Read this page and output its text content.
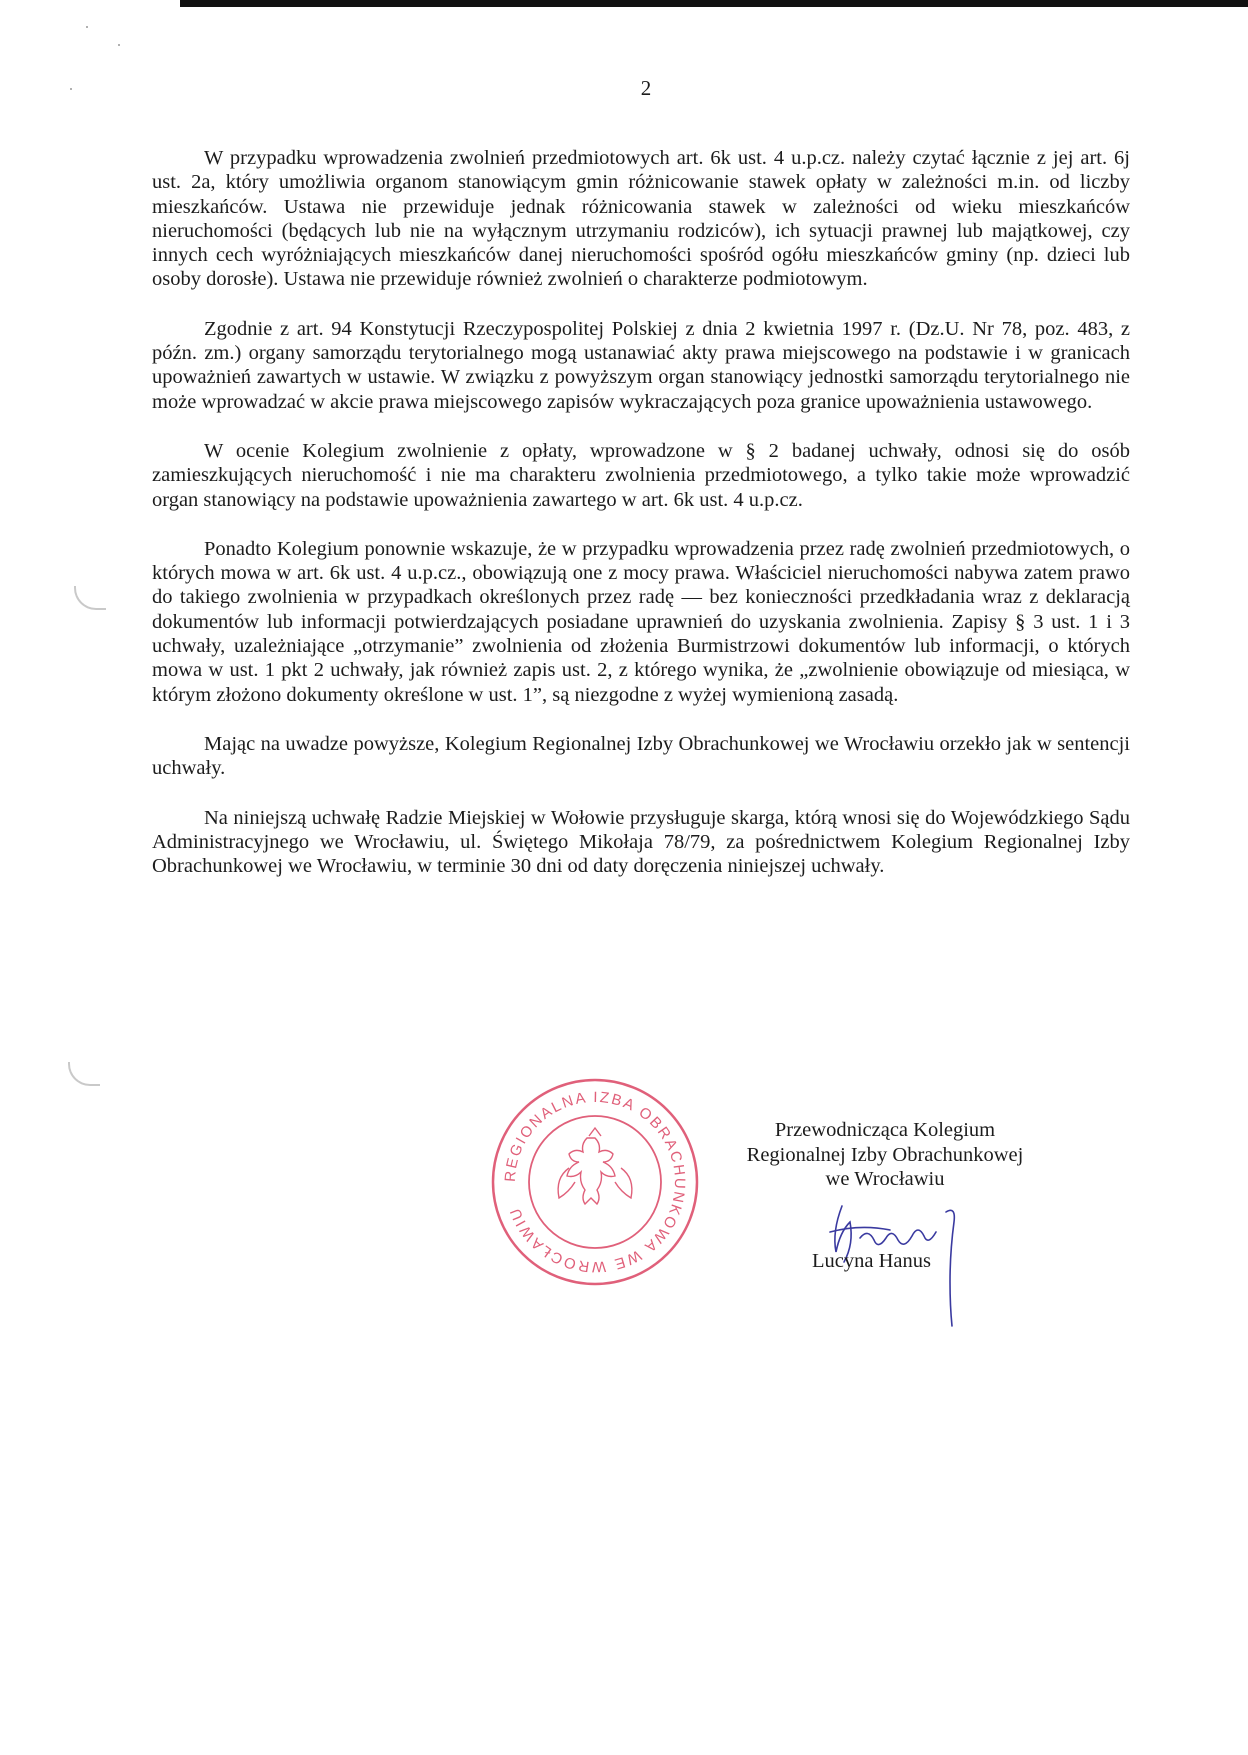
2

W przypadku wprowadzenia zwolnień przedmiotowych art. 6k ust. 4 u.p.cz. należy czytać łącznie z jej art. 6j ust. 2a, który umożliwia organom stanowiącym gmin różnicowanie stawek opłaty w zależności m.in. od liczby mieszkańców. Ustawa nie przewiduje jednak różnicowania stawek w zależności od wieku mieszkańców nieruchomości (będących lub nie na wyłącznym utrzymaniu rodziców), ich sytuacji prawnej lub majątkowej, czy innych cech wyróżniających mieszkańców danej nieruchomości spośród ogółu mieszkańców gminy (np. dzieci lub osoby dorosłe). Ustawa nie przewiduje również zwolnień o charakterze podmiotowym.

Zgodnie z art. 94 Konstytucji Rzeczypospolitej Polskiej z dnia 2 kwietnia 1997 r. (Dz.U. Nr 78, poz. 483, z późn. zm.) organy samorządu terytorialnego mogą ustanawiać akty prawa miejscowego na podstawie i w granicach upoważnień zawartych w ustawie. W związku z powyższym organ stanowiący jednostki samorządu terytorialnego nie może wprowadzać w akcie prawa miejscowego zapisów wykraczających poza granice upoważnienia ustawowego.

W ocenie Kolegium zwolnienie z opłaty, wprowadzone w § 2 badanej uchwały, odnosi się do osób zamieszkujących nieruchomość i nie ma charakteru zwolnienia przedmiotowego, a tylko takie może wprowadzić organ stanowiący na podstawie upoważnienia zawartego w art. 6k ust. 4 u.p.cz.

Ponadto Kolegium ponownie wskazuje, że w przypadku wprowadzenia przez radę zwolnień przedmiotowych, o których mowa w art. 6k ust. 4 u.p.cz., obowiązują one z mocy prawa. Właściciel nieruchomości nabywa zatem prawo do takiego zwolnienia w przypadkach określonych przez radę — bez konieczności przedkładania wraz z deklaracją dokumentów lub informacji potwierdzających posiadane uprawnień do uzyskania zwolnienia. Zapisy § 3 ust. 1 i 3 uchwały, uzależniające „otrzymanie” zwolnienia od złożenia Burmistrzowi dokumentów lub informacji, o których mowa w ust. 1 pkt 2 uchwały, jak również zapis ust. 2, z którego wynika, że „zwolnienie obowiązuje od miesiąca, w którym złożono dokumenty określone w ust. 1”, są niezgodne z wyżej wymienioną zasadą.

Mając na uwadze powyższe, Kolegium Regionalnej Izby Obrachunkowej we Wrocławiu orzekło jak w sentencji uchwały.

Na niniejszą uchwałę Radzie Miejskiej w Wołowie przysługuje skarga, którą wnosi się do Wojewódzkiego Sądu Administracyjnego we Wrocławiu, ul. Świętego Mikołaja 78/79, za pośrednictwem Kolegium Regionalnej Izby Obrachunkowej we Wrocławiu, w terminie 30 dni od daty doręczenia niniejszej uchwały.

REGIONALNA IZBA OBRACHUNKOWA WE WROCŁAWIU
Przewodnicząca Kolegium
Regionalnej Izby Obrachunkowej
we Wrocławiu
Lucyna Hanus
